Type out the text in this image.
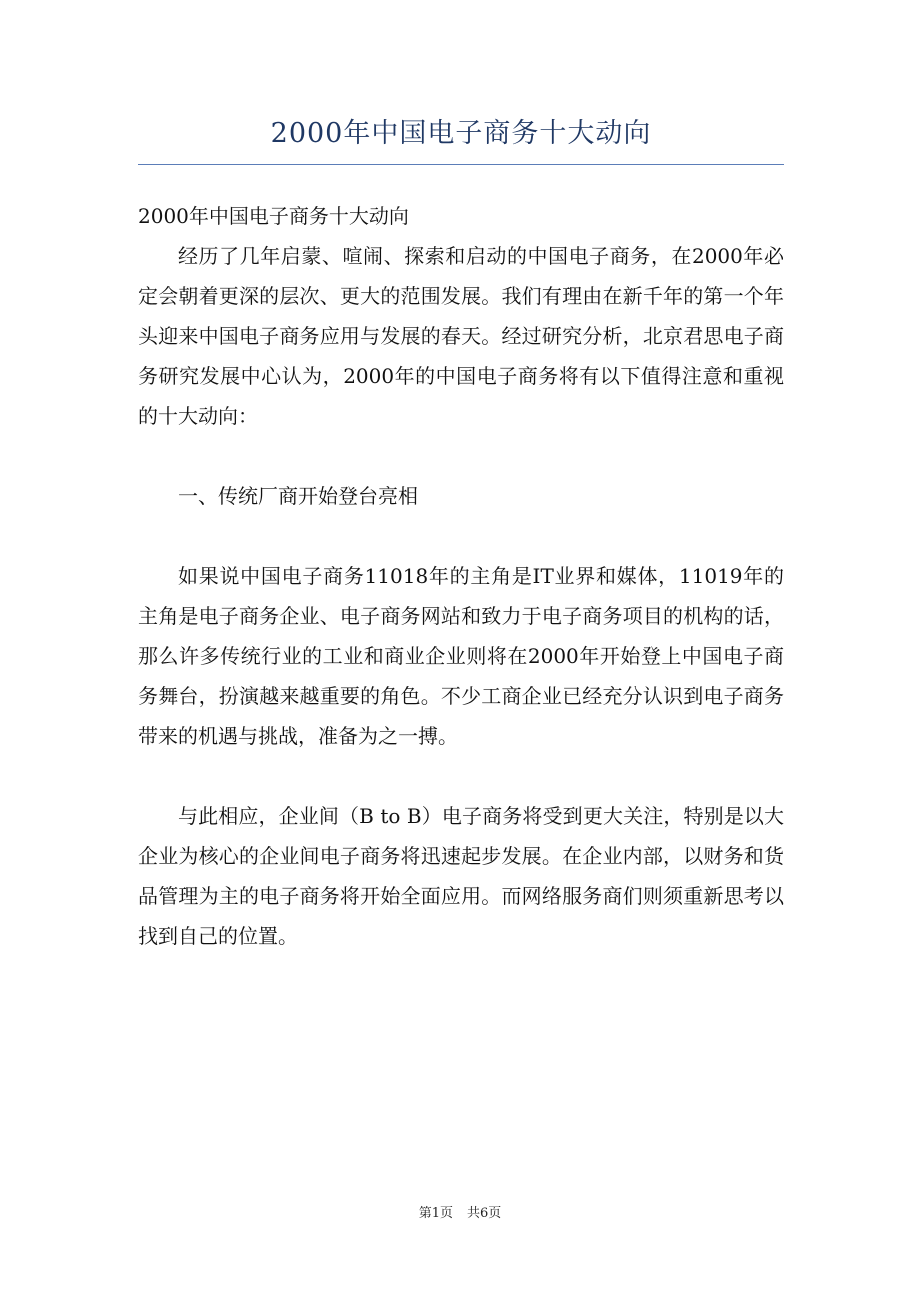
2000年中国电子商务十大动向

2000年中国电子商务十大动向

经历了几年启蒙、喧闹、探索和启动的中国电子商务，在2000年必定会朝着更深的层次、更大的范围发展。我们有理由在新千年的第一个年头迎来中国电子商务应用与发展的春天。经过研究分析，北京君思电子商务研究发展中心认为，2000年的中国电子商务将有以下值得注意和重视的十大动向：

一、传统厂商开始登台亮相

如果说中国电子商务11018年的主角是IT业界和媒体，11019年的主角是电子商务企业、电子商务网站和致力于电子商务项目的机构的话，那么许多传统行业的工业和商业企业则将在2000年开始登上中国电子商务舞台，扮演越来越重要的角色。不少工商企业已经充分认识到电子商务带来的机遇与挑战，准备为之一搏。

与此相应，企业间（B to B）电子商务将受到更大关注，特别是以大企业为核心的企业间电子商务将迅速起步发展。在企业内部，以财务和货品管理为主的电子商务将开始全面应用。而网络服务商们则须重新思考以找到自己的位置。

第1页 共6页
